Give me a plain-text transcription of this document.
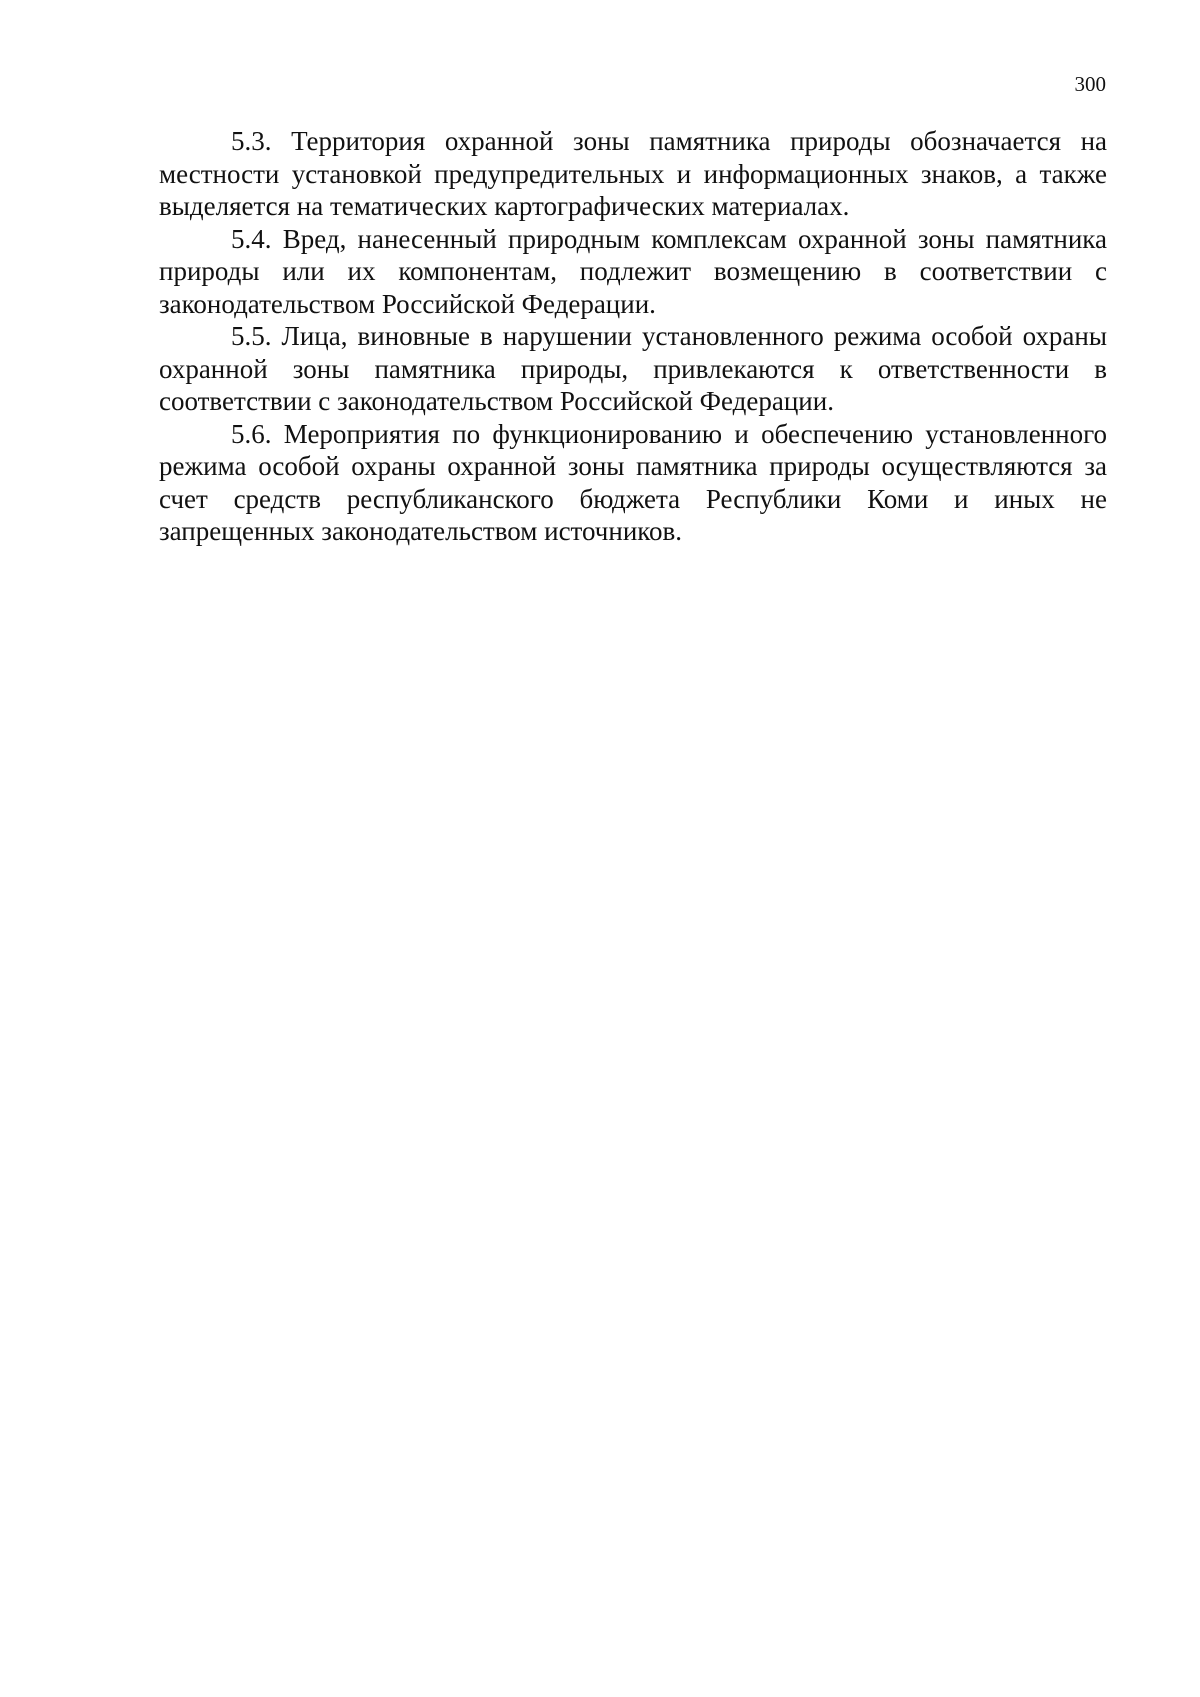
300

5.3. Территория охранной зоны памятника природы обозначается на местности установкой предупредительных и информационных знаков, а также выделяется на тематических картографических материалах.

5.4. Вред, нанесенный природным комплексам охранной зоны памятника природы или их компонентам, подлежит возмещению в соответствии с законодательством Российской Федерации.

5.5. Лица, виновные в нарушении установленного режима особой охраны охранной зоны памятника природы, привлекаются к ответственности в соответствии с законодательством Российской Федерации.

5.6. Мероприятия по функционированию и обеспечению установленного режима особой охраны охранной зоны памятника природы осуществляются за счет средств республиканского бюджета Республики Коми и иных не запрещенных законодательством источников.
